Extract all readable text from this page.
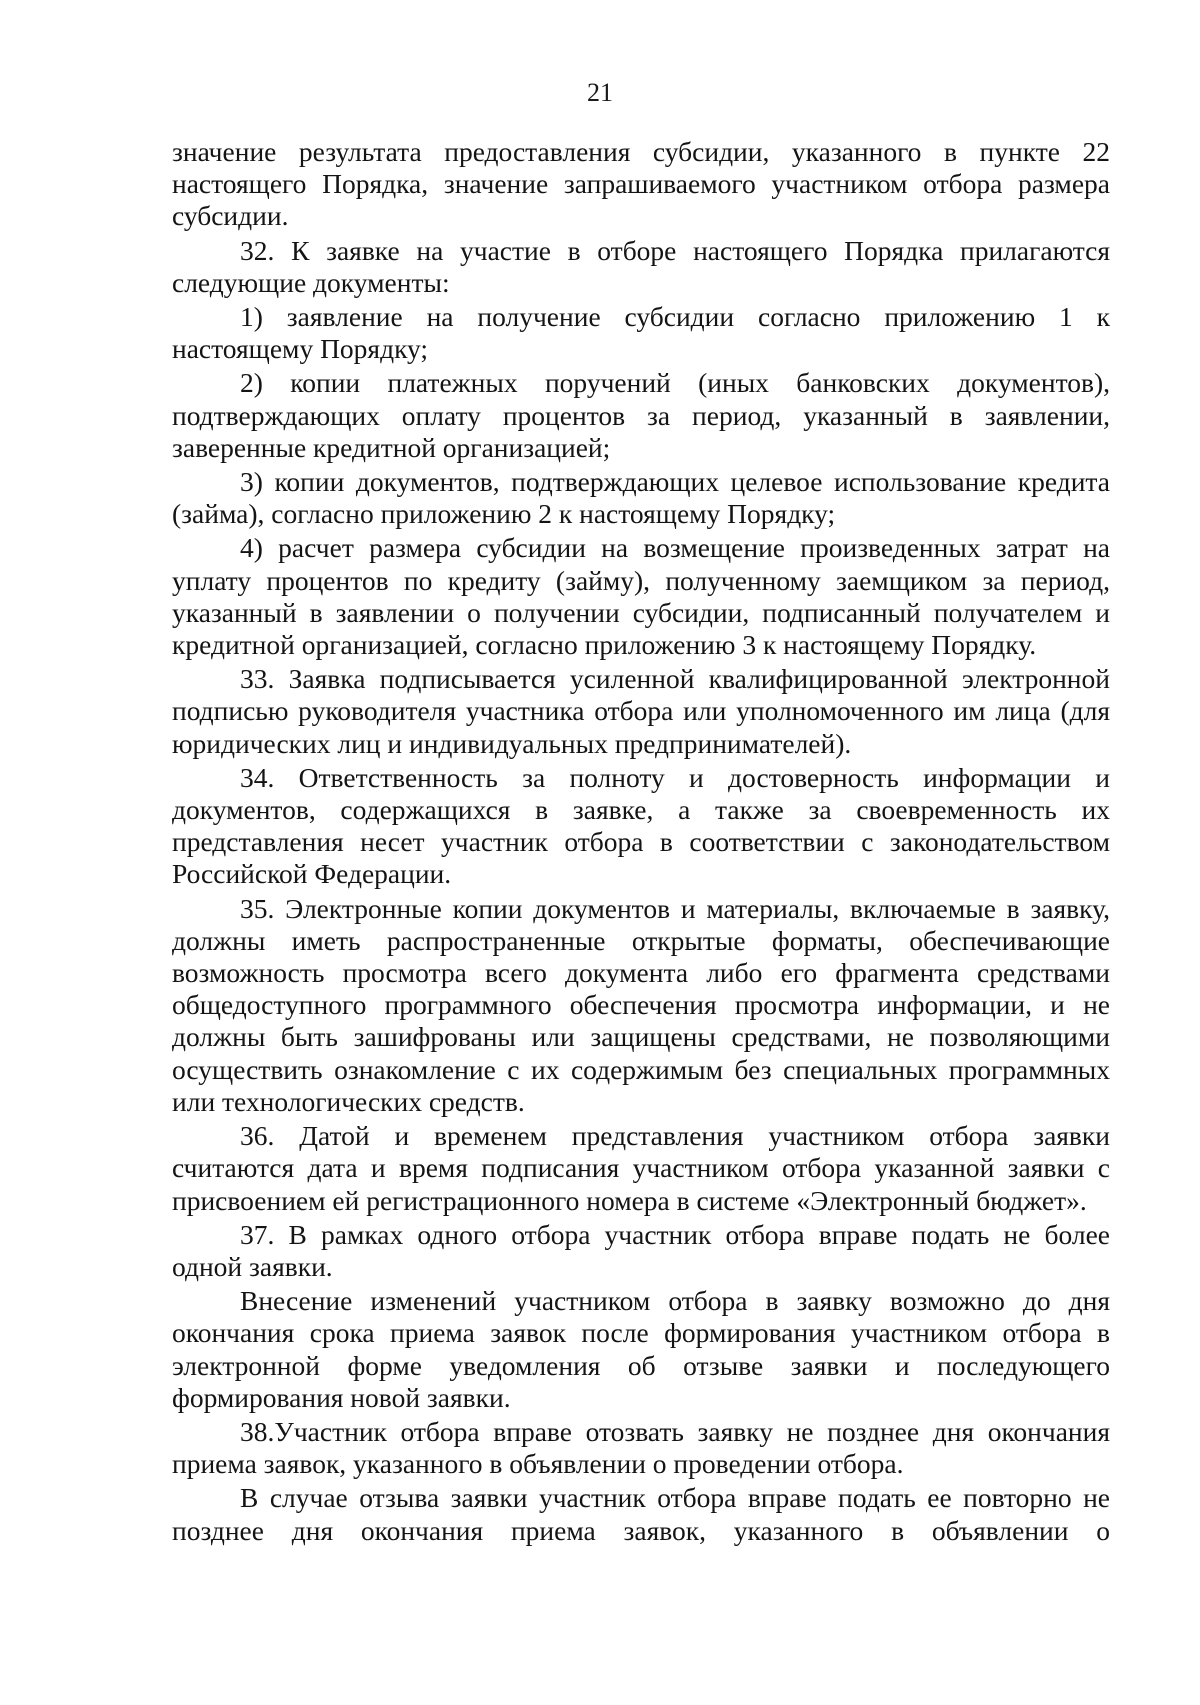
21

значение результата предоставления субсидии, указанного в пункте 22 настоящего Порядка, значение запрашиваемого участником отбора размера субсидии.

32. К заявке на участие в отборе настоящего Порядка прилагаются следующие документы:

1) заявление на получение субсидии согласно приложению 1 к настоящему Порядку;

2) копии платежных поручений (иных банковских документов), подтверждающих оплату процентов за период, указанный в заявлении, заверенные кредитной организацией;

3) копии документов, подтверждающих целевое использование кредита (займа), согласно приложению 2 к настоящему Порядку;

4) расчет размера субсидии на возмещение произведенных затрат на уплату процентов по кредиту (займу), полученному заемщиком за период, указанный в заявлении о получении субсидии, подписанный получателем и кредитной организацией, согласно приложению 3 к настоящему Порядку.

33. Заявка подписывается усиленной квалифицированной электронной подписью руководителя участника отбора или уполномоченного им лица (для юридических лиц и индивидуальных предпринимателей).

34. Ответственность за полноту и достоверность информации и документов, содержащихся в заявке, а также за своевременность их представления несет участник отбора в соответствии с законодательством Российской Федерации.

35. Электронные копии документов и материалы, включаемые в заявку, должны иметь распространенные открытые форматы, обеспечивающие возможность просмотра всего документа либо его фрагмента средствами общедоступного программного обеспечения просмотра информации, и не должны быть зашифрованы или защищены средствами, не позволяющими осуществить ознакомление с их содержимым без специальных программных или технологических средств.

36. Датой и временем представления участником отбора заявки считаются дата и время подписания участником отбора указанной заявки с присвоением ей регистрационного номера в системе «Электронный бюджет».

37. В рамках одного отбора участник отбора вправе подать не более одной заявки.

Внесение изменений участником отбора в заявку возможно до дня окончания срока приема заявок после формирования участником отбора в электронной форме уведомления об отзыве заявки и последующего формирования новой заявки.

38.Участник отбора вправе отозвать заявку не позднее дня окончания приема заявок, указанного в объявлении о проведении отбора.

В случае отзыва заявки участник отбора вправе подать ее повторно не позднее дня окончания приема заявок, указанного в объявлении о
